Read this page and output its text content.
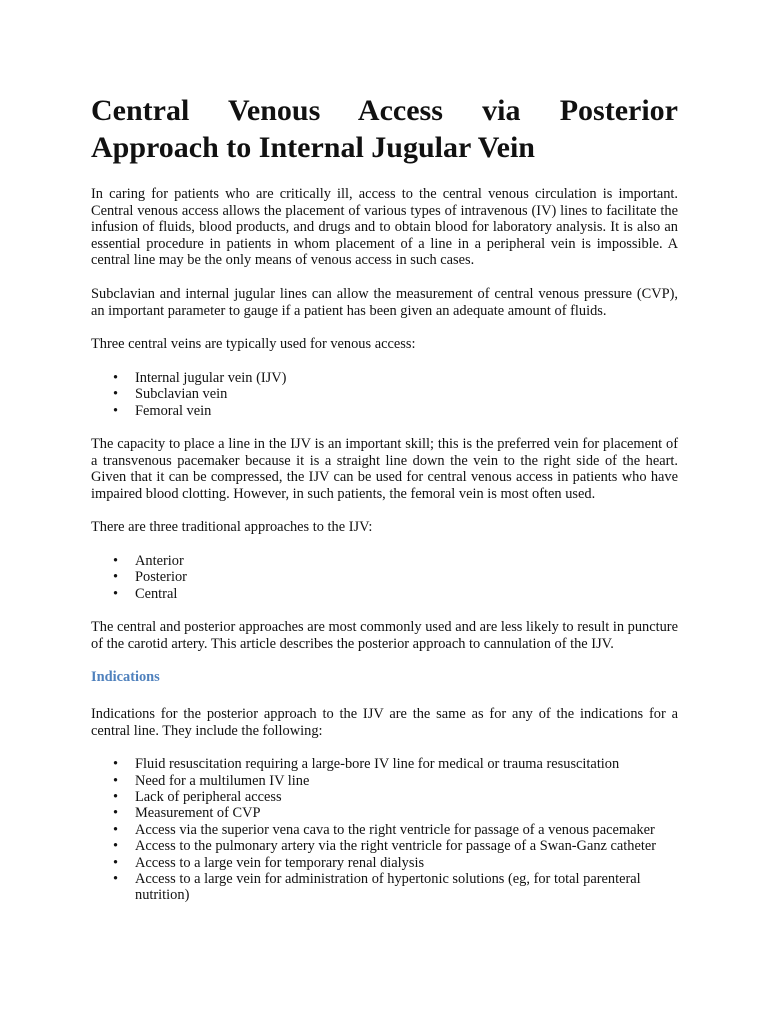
Central Venous Access via Posterior
Approach to Internal Jugular Vein

In caring for patients who are critically ill, access to the central venous circulation is important. Central venous access allows the placement of various types of intravenous (IV) lines to facilitate the infusion of fluids, blood products, and drugs and to obtain blood for laboratory analysis. It is also an essential procedure in patients in whom placement of a line in a peripheral vein is impossible. A central line may be the only means of venous access in such cases.

Subclavian and internal jugular lines can allow the measurement of central venous pressure (CVP), an important parameter to gauge if a patient has been given an adequate amount of fluids.

Three central veins are typically used for venous access:

• Internal jugular vein (IJV)
• Subclavian vein
• Femoral vein

The capacity to place a line in the IJV is an important skill; this is the preferred vein for placement of a transvenous pacemaker because it is a straight line down the vein to the right side of the heart. Given that it can be compressed, the IJV can be used for central venous access in patients who have impaired blood clotting. However, in such patients, the femoral vein is most often used.

There are three traditional approaches to the IJV:

• Anterior
• Posterior
• Central

The central and posterior approaches are most commonly used and are less likely to result in puncture of the carotid artery. This article describes the posterior approach to cannulation of the IJV.

Indications

Indications for the posterior approach to the IJV are the same as for any of the indications for a central line. They include the following:

• Fluid resuscitation requiring a large-bore IV line for medical or trauma resuscitation
• Need for a multilumen IV line
• Lack of peripheral access
• Measurement of CVP
• Access via the superior vena cava to the right ventricle for passage of a venous pacemaker
• Access to the pulmonary artery via the right ventricle for passage of a Swan-Ganz catheter
• Access to a large vein for temporary renal dialysis
• Access to a large vein for administration of hypertonic solutions (eg, for total parenteral nutrition)
